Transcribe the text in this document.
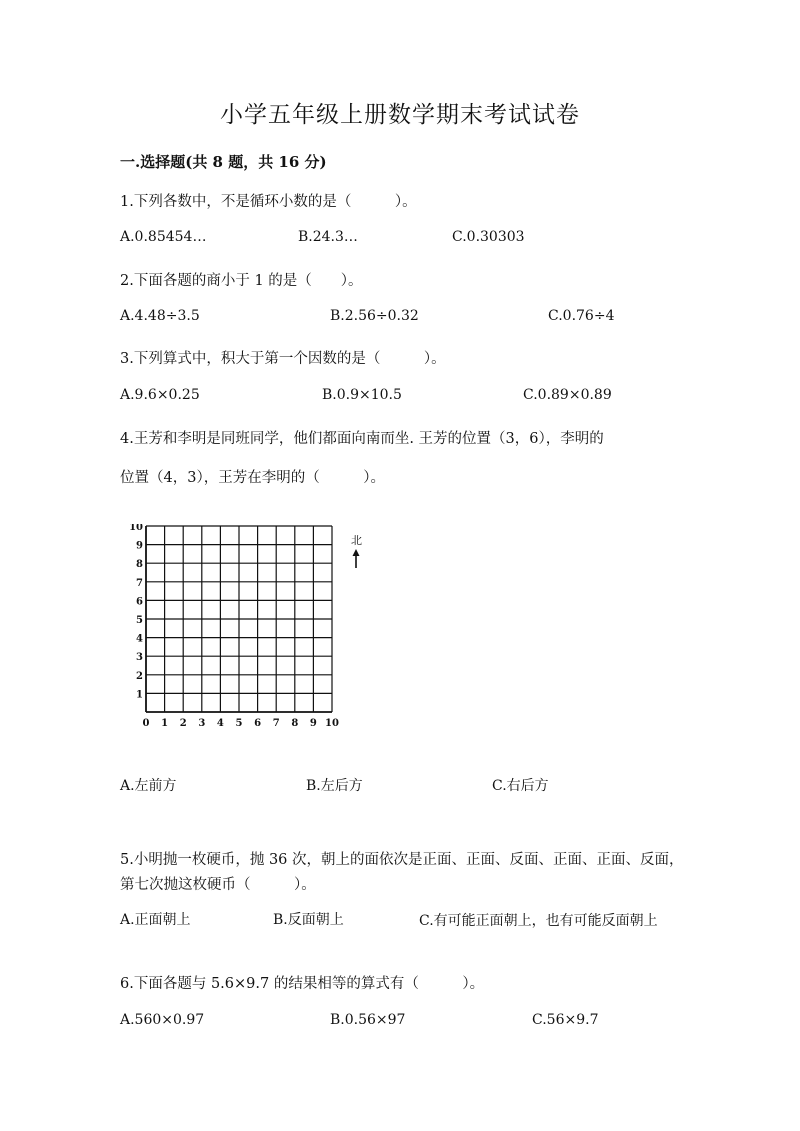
小学五年级上册数学期末考试试卷
一.选择题(共 8 题，共 16 分)
1.下列各数中，不是循环小数的是（　　　）。
A.0.85454…	B.24.3…	C.0.30303
2.下面各题的商小于 1 的是（　　）。
A.4.48÷3.5	B.2.56÷0.32	C.0.76÷4
3.下列算式中，积大于第一个因数的是（　　　）。
A.9.6×0.25	B.0.9×10.5	C.0.89×0.89
4.王芳和李明是同班同学，他们都面向南而坐. 王芳的位置（3，6），李明的
位置（4，3），王芳在李明的（　　　）。
0 1 2 3 4 5 6 7 8 9 10
1
2
3
4
5
6
7
8
9
10
北
A.左前方	B.左后方	C.右后方
5.小明抛一枚硬币，抛 36 次，朝上的面依次是正面、正面、反面、正面、正面、反面，第七次抛这枚硬币（　　　）。
A.正面朝上	B.反面朝上	C.有可能正面朝上，也有可能反面朝上
6.下面各题与 5.6×9.7 的结果相等的算式有（　　　）。
A.560×0.97	B.0.56×97	C.56×9.7
